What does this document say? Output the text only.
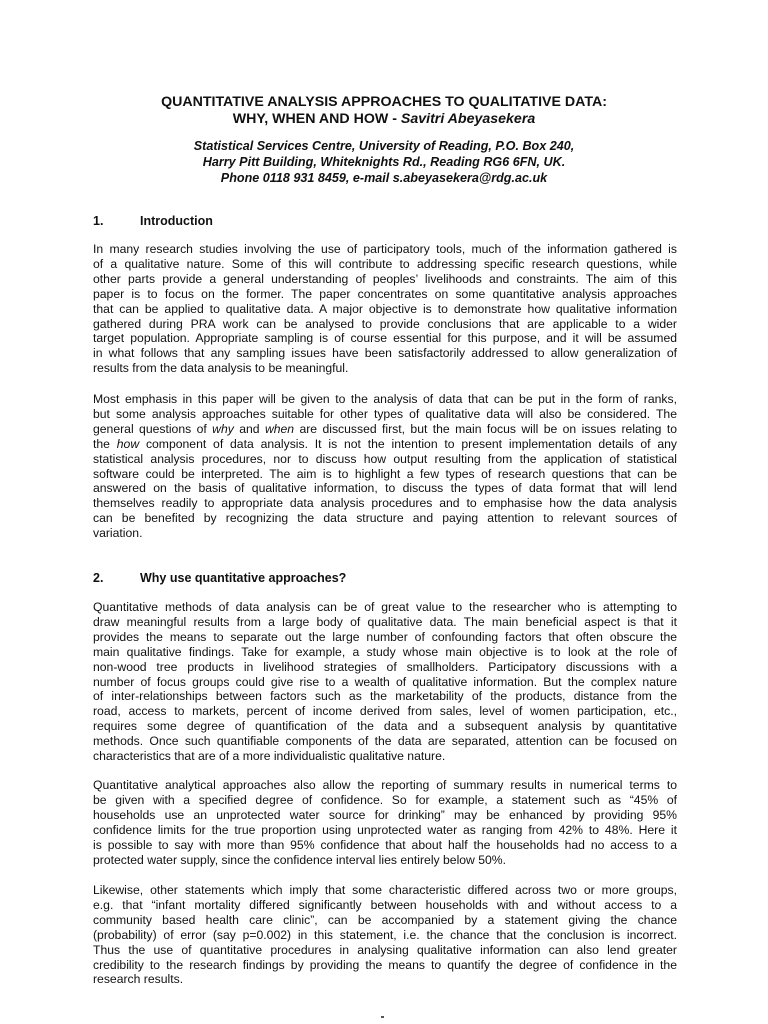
QUANTITATIVE ANALYSIS APPROACHES TO QUALITATIVE DATA:
WHY, WHEN AND HOW - Savitri Abeyasekera
Statistical Services Centre, University of Reading, P.O. Box 240,
Harry Pitt Building, Whiteknights Rd., Reading RG6 6FN, UK.
Phone 0118 931 8459, e-mail s.abeyasekera@rdg.ac.uk
1.	Introduction
In many research studies involving the use of participatory tools, much of the information gathered is
of a qualitative nature. Some of this will contribute to addressing specific research questions, while
other parts provide a general understanding of peoples’ livelihoods and constraints. The aim of this
paper is to focus on the former. The paper concentrates on some quantitative analysis approaches
that can be applied to qualitative data. A major objective is to demonstrate how qualitative information
gathered during PRA work can be analysed to provide conclusions that are applicable to a wider
target population. Appropriate sampling is of course essential for this purpose, and it will be assumed
in what follows that any sampling issues have been satisfactorily addressed to allow generalization of
results from the data analysis to be meaningful.
Most emphasis in this paper will be given to the analysis of data that can be put in the form of ranks,
but some analysis approaches suitable for other types of qualitative data will also be considered. The
general questions of why and when are discussed first, but the main focus will be on issues relating to
the how component of data analysis. It is not the intention to present implementation details of any
statistical analysis procedures, nor to discuss how output resulting from the application of statistical
software could be interpreted. The aim is to highlight a few types of research questions that can be
answered on the basis of qualitative information, to discuss the types of data format that will lend
themselves readily to appropriate data analysis procedures and to emphasise how the data analysis
can be benefited by recognizing the data structure and paying attention to relevant sources of
variation.
2.	Why use quantitative approaches?
Quantitative methods of data analysis can be of great value to the researcher who is attempting to
draw meaningful results from a large body of qualitative data. The main beneficial aspect is that it
provides the means to separate out the large number of confounding factors that often obscure the
main qualitative findings. Take for example, a study whose main objective is to look at the role of
non-wood tree products in livelihood strategies of smallholders. Participatory discussions with a
number of focus groups could give rise to a wealth of qualitative information. But the complex nature
of inter-relationships between factors such as the marketability of the products, distance from the
road, access to markets, percent of income derived from sales, level of women participation, etc.,
requires some degree of quantification of the data and a subsequent analysis by quantitative
methods. Once such quantifiable components of the data are separated, attention can be focused on
characteristics that are of a more individualistic qualitative nature.
Quantitative analytical approaches also allow the reporting of summary results in numerical terms to
be given with a specified degree of confidence. So for example, a statement such as “45% of
households use an unprotected water source for drinking” may be enhanced by providing 95%
confidence limits for the true proportion using unprotected water as ranging from 42% to 48%. Here it
is possible to say with more than 95% confidence that about half the households had no access to a
protected water supply, since the confidence interval lies entirely below 50%.
Likewise, other statements which imply that some characteristic differed across two or more groups,
e.g. that “infant mortality differed significantly between households with and without access to a
community based health care clinic”, can be accompanied by a statement giving the chance
(probability) of error (say p=0.002) in this statement, i.e. the chance that the conclusion is incorrect.
Thus the use of quantitative procedures in analysing qualitative information can also lend greater
credibility to the research findings by providing the means to quantify the degree of confidence in the
research results.
